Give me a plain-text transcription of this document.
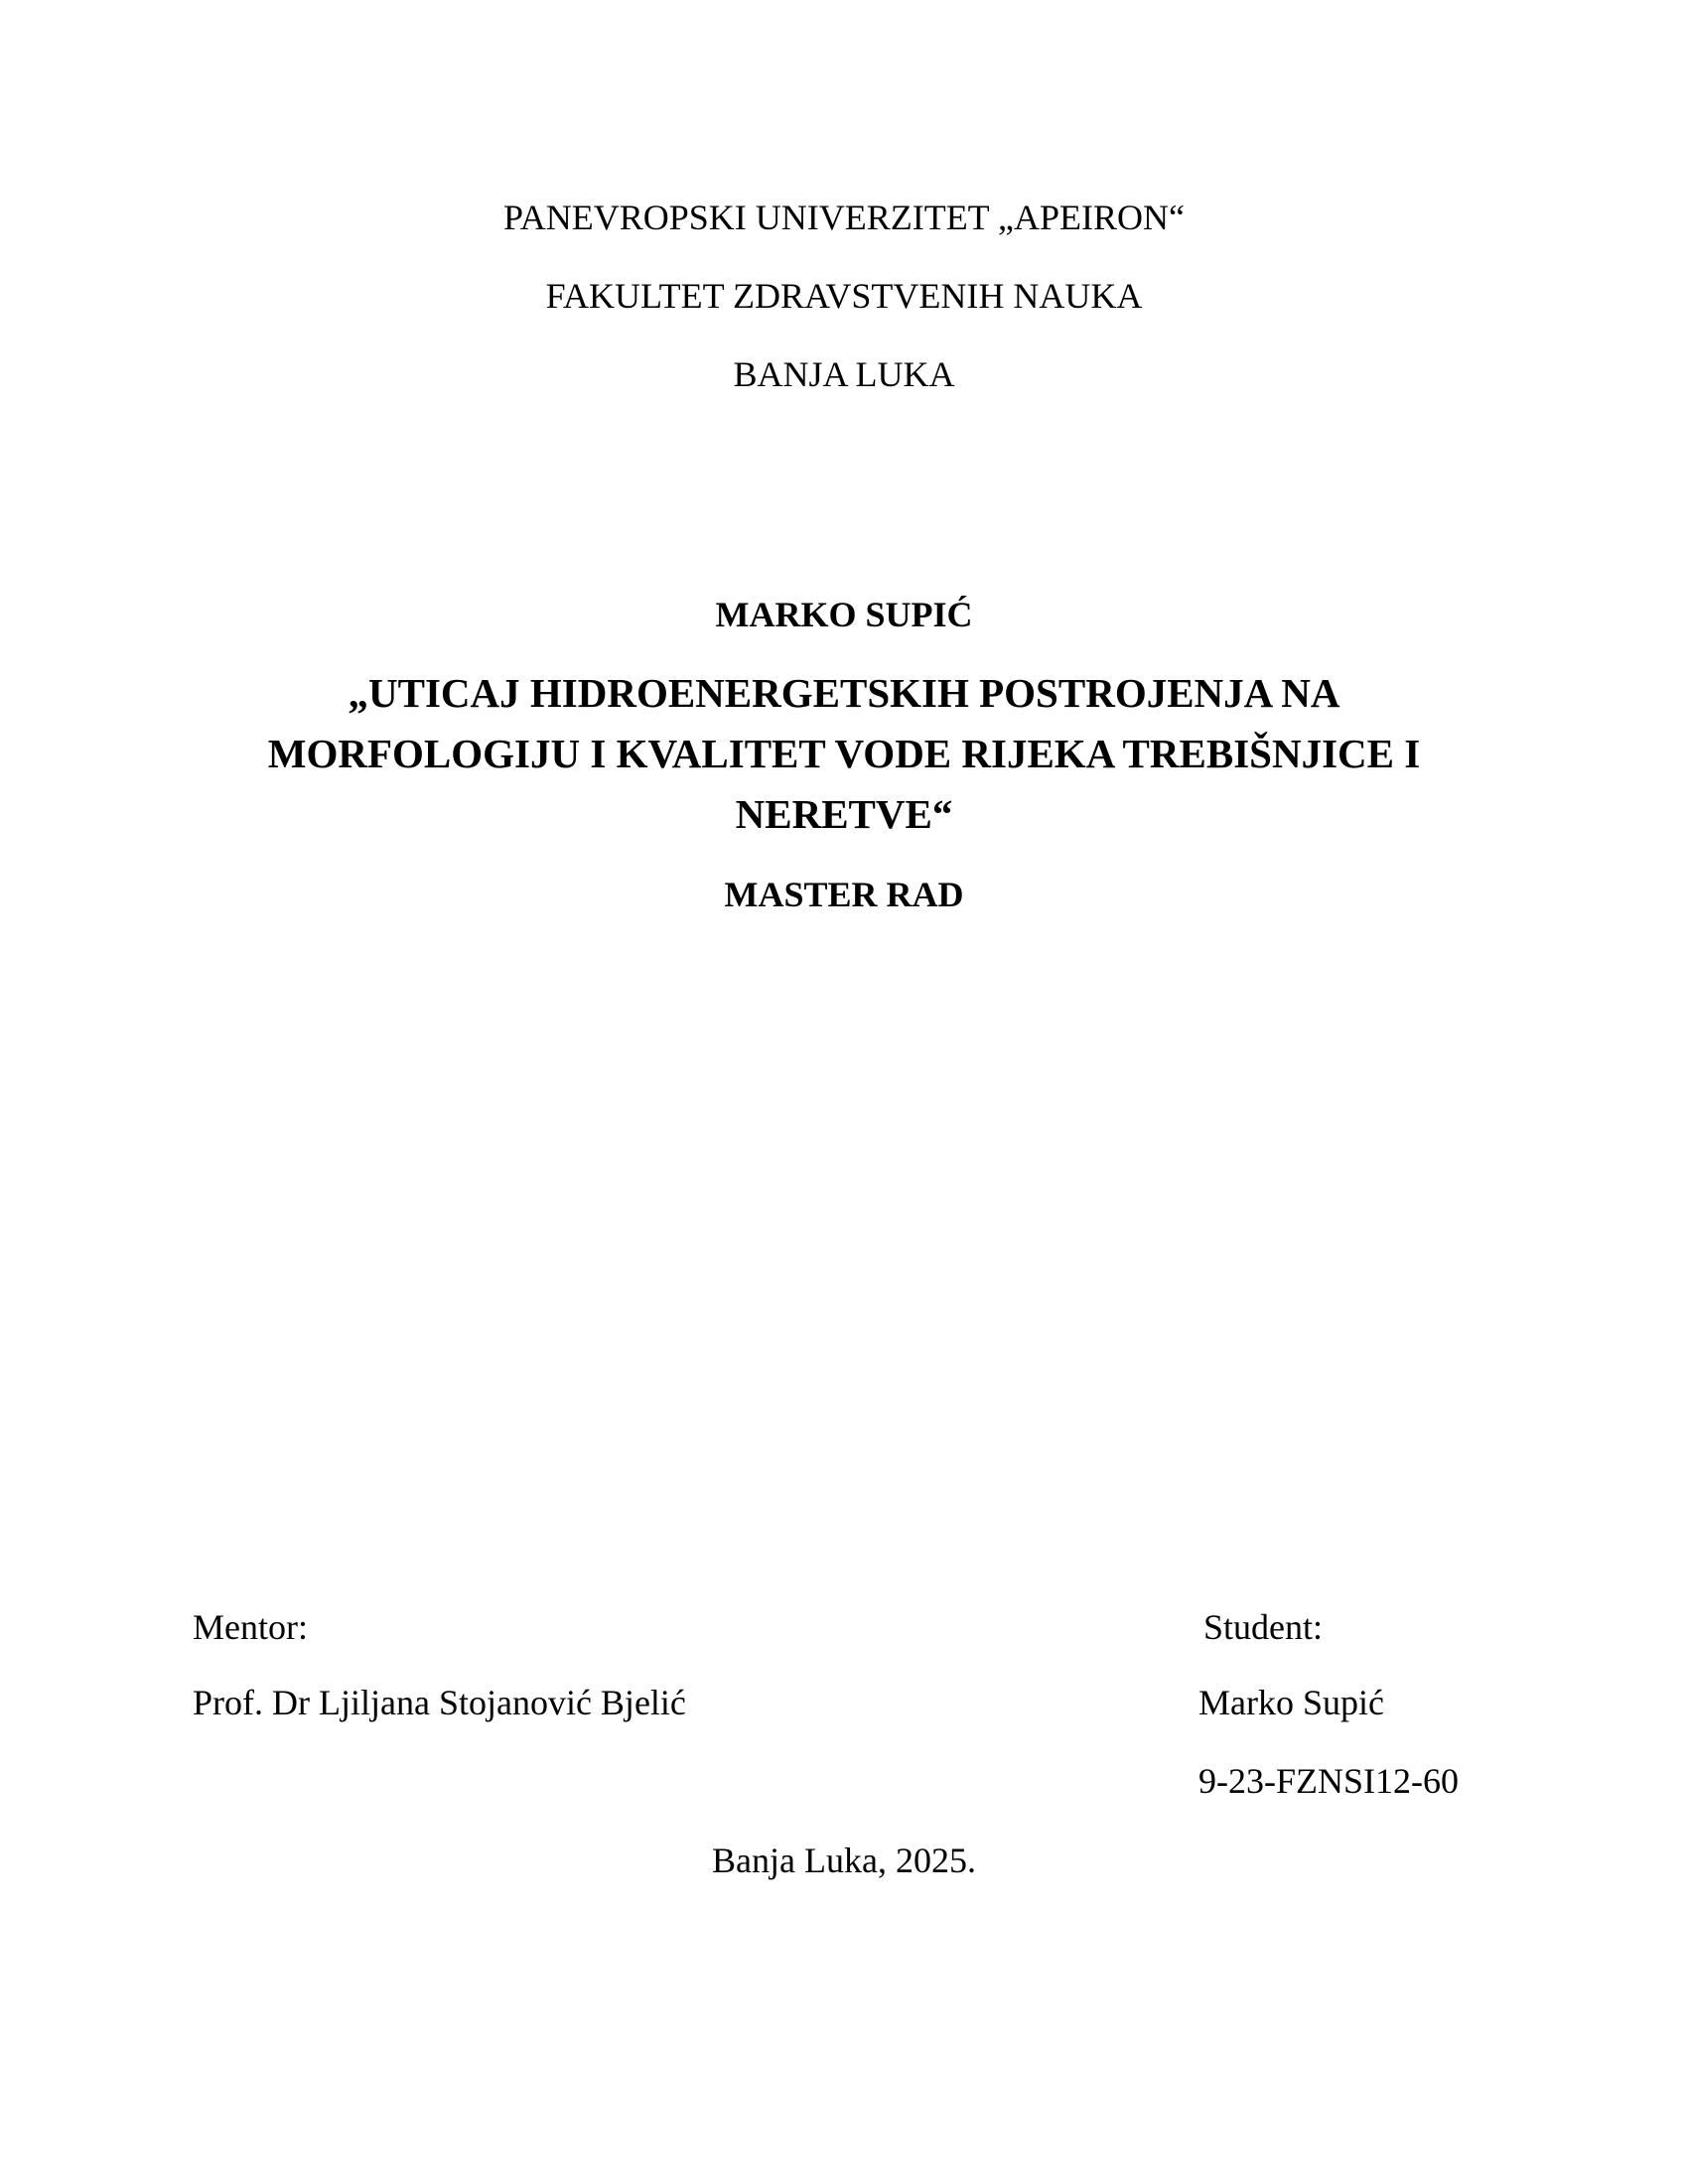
PANEVROPSKI UNIVERZITET „APEIRON“
FAKULTET ZDRAVSTVENIH NAUKA
BANJA LUKA
MARKO SUPIĆ
„UTICAJ HIDROENERGETSKIH POSTROJENJA NA
MORFOLOGIJU I KVALITET VODE RIJEKA TREBIŠNJICE I
NERETVE“
MASTER RAD
Mentor:
Prof. Dr Ljiljana Stojanović Bjelić
Student:
Marko Supić
9-23-FZNSI12-60
Banja Luka, 2025.
